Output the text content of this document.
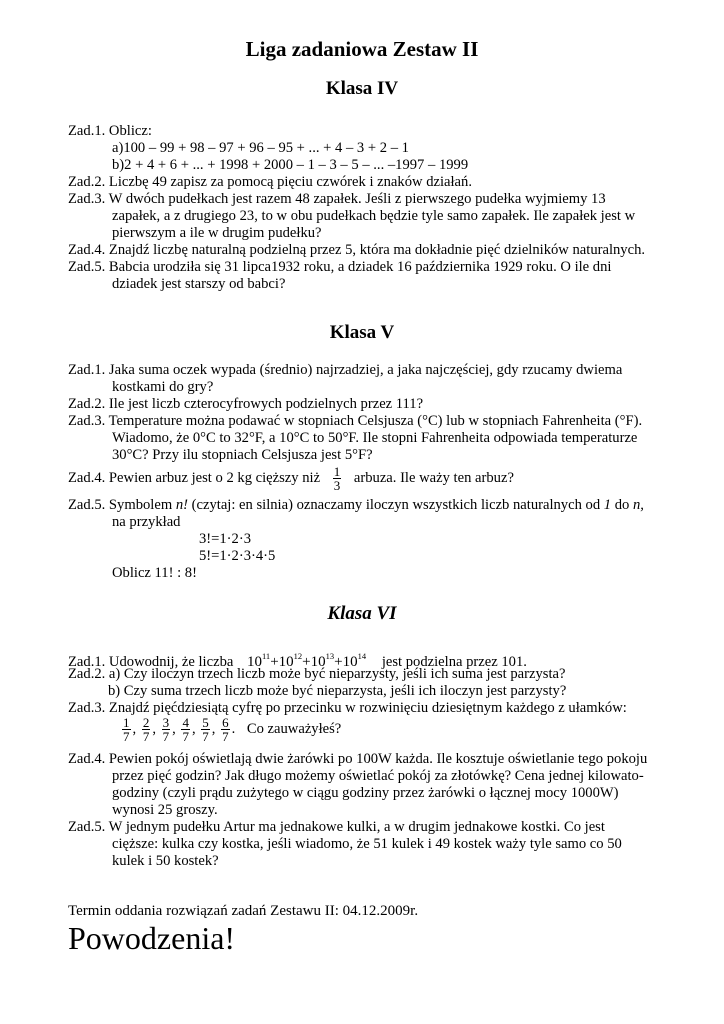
Liga zadaniowa Zestaw II
Klasa IV
Zad.1. Oblicz:
a)100 – 99 + 98 – 97 + 96 – 95 + ... + 4 – 3 + 2 – 1
b)2 + 4 + 6 + ... + 1998 + 2000 – 1 – 3 – 5 – ... –1997 – 1999
Zad.2. Liczbę 49 zapisz za pomocą pięciu czwórek i znaków działań.
Zad.3. W dwóch pudełkach jest razem 48 zapałek. Jeśli z pierwszego pudełka wyjmiemy 13
zapałek, a z drugiego 23, to w obu pudełkach będzie tyle samo zapałek. Ile zapałek jest w
pierwszym a ile w drugim pudełku?
Zad.4. Znajdź liczbę naturalną podzielną przez 5, która ma dokładnie pięć dzielników naturalnych.
Zad.5. Babcia urodziła się 31 lipca1932 roku, a dziadek 16 października 1929 roku. O ile dni
dziadek jest starszy od babci?
Klasa V
Zad.1. Jaka suma oczek wypada (średnio) najrzadziej, a jaka najczęściej, gdy rzucamy dwiema
kostkami do gry?
Zad.2. Ile jest liczb czterocyfrowych podzielnych przez 111?
Zad.3. Temperature można podawać w stopniach Celsjusza (°C) lub w stopniach Fahrenheita (°F).
Wiadomo, że 0°C to 32°F, a 10°C to 50°F. Ile stopni Fahrenheita odpowiada temperaturze
30°C? Przy ilu stopniach Celsjusza jest 5°F?
Zad.4. Pewien arbuz jest o 2 kg cięższy niż $\frac{1}{3}$ arbuza. Ile waży ten arbuz?
Zad.5. Symbolem n! (czytaj: en silnia) oznaczamy iloczyn wszystkich liczb naturalnych od 1 do n,
na przykład
3!=1·2·3
5!=1·2·3·4·5
Oblicz 11! : 8!
Klasa VI
Zad.1. Udowodnij, że liczba $10^{11}+10^{12}+10^{13}+10^{14}$ jest podzielna przez 101.
Zad.2. a) Czy iloczyn trzech liczb może być nieparzysty, jeśli ich suma jest parzysta?
b) Czy suma trzech liczb może być nieparzysta, jeśli ich iloczyn jest parzysty?
Zad.3. Znajdź pięćdziesiątą cyfrę po przecinku w rozwinięciu dziesiętnym każdego z ułamków:
$\frac{1}{7}$ , $\frac{2}{7}$ , $\frac{3}{7}$ , $\frac{4}{7}$ , $\frac{5}{7}$ , $\frac{6}{7}$ . Co zauważyłeś?
Zad.4. Pewien pokój oświetlają dwie żarówki po 100W każda. Ile kosztuje oświetlanie tego pokoju
przez pięć godzin? Jak długo możemy oświetlać pokój za złotówkę? Cena jednej kilowato-
godziny (czyli prądu zużytego w ciągu godziny przez żarówki o łącznej mocy 1000W)
wynosi 25 groszy.
Zad.5. W jednym pudełku Artur ma jednakowe kulki, a w drugim jednakowe kostki. Co jest
cięższe: kulka czy kostka, jeśli wiadomo, że 51 kulek i 49 kostek waży tyle samo co 50
kulek i 50 kostek?
Termin oddania rozwiązań zadań Zestawu II: 04.12.2009r.
Powodzenia!
